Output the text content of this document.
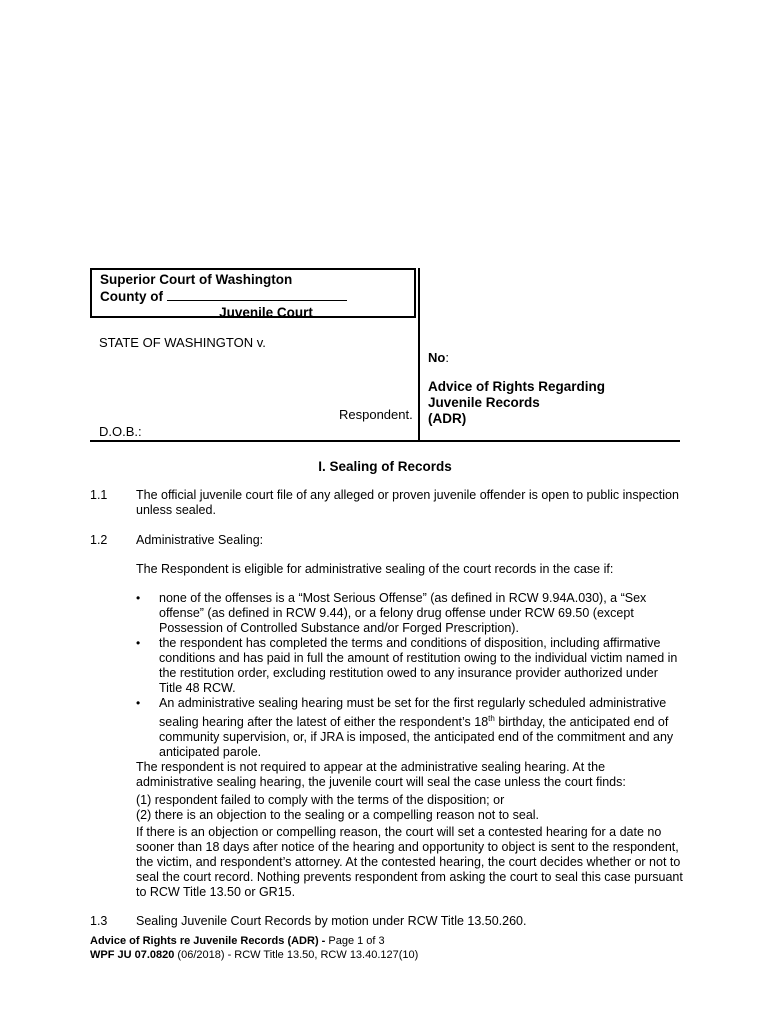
Superior Court of Washington
County of
Juvenile Court
STATE OF WASHINGTON v.
Respondent.
D.O.B.:
No:
Advice of Rights Regarding
Juvenile Records
(ADR)
I. Sealing of Records
1.1 The official juvenile court file of any alleged or proven juvenile offender is open to public inspection unless sealed.
1.2 Administrative Sealing:
The Respondent is eligible for administrative sealing of the court records in the case if:
•	none of the offenses is a “Most Serious Offense” (as defined in RCW 9.94A.030), a “Sex offense” (as defined in RCW 9.44), or a felony drug offense under RCW 69.50 (except Possession of Controlled Substance and/or Forged Prescription).
•	the respondent has completed the terms and conditions of disposition, including affirmative conditions and has paid in full the amount of restitution owing to the individual victim named in the restitution order, excluding restitution owed to any insurance provider authorized under Title 48 RCW.
•	An administrative sealing hearing must be set for the first regularly scheduled administrative sealing hearing after the latest of either the respondent’s 18th birthday, the anticipated end of community supervision, or, if JRA is imposed, the anticipated end of the commitment and any anticipated parole.
The respondent is not required to appear at the administrative sealing hearing. At the administrative sealing hearing, the juvenile court will seal the case unless the court finds:
(1) respondent failed to comply with the terms of the disposition; or
(2) there is an objection to the sealing or a compelling reason not to seal.
If there is an objection or compelling reason, the court will set a contested hearing for a date no sooner than 18 days after notice of the hearing and opportunity to object is sent to the respondent, the victim, and respondent’s attorney. At the contested hearing, the court decides whether or not to seal the court record. Nothing prevents respondent from asking the court to seal this case pursuant to RCW Title 13.50 or GR15.
1.3 Sealing Juvenile Court Records by motion under RCW Title 13.50.260.
Advice of Rights re Juvenile Records (ADR) - Page 1 of 3
WPF JU 07.0820 (06/2018) - RCW Title 13.50, RCW 13.40.127(10)
